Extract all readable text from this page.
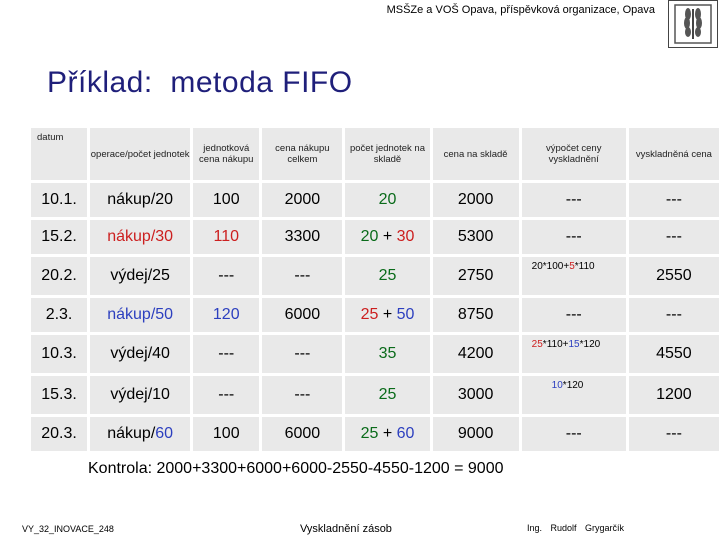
MSŠZe a VOŠ Opava, příspěvková organizace, Opava
Příklad:  metoda FIFO
datum	operace/počet jednotek	jednotková cena nákupu	cena nákupu celkem	počet jednotek na skladě	cena na skladě	výpočet ceny vyskladnění	vyskladněná cena
10.1.	nákup/20	100	2000	20	2000	---	---
15.2.	nákup/30	110	3300	20 + 30	5300	---	---
20.2.	výdej/25	---	---	25	2750	20*100+5*110	2550
2.3.	nákup/50	120	6000	25 + 50	8750	---	---
10.3.	výdej/40	---	---	35	4200	25*110+15*120	4550
15.3.	výdej/10	---	---	25	3000	10*120	1200
20.3.	nákup/60	100	6000	25 + 60	9000	---	---
Kontrola: 2000+3300+6000+6000-2550-4550-1200 = 9000
VY_32_INOVACE_248	Vyskladnění zásob	Ing. Rudolf Grygarčík
